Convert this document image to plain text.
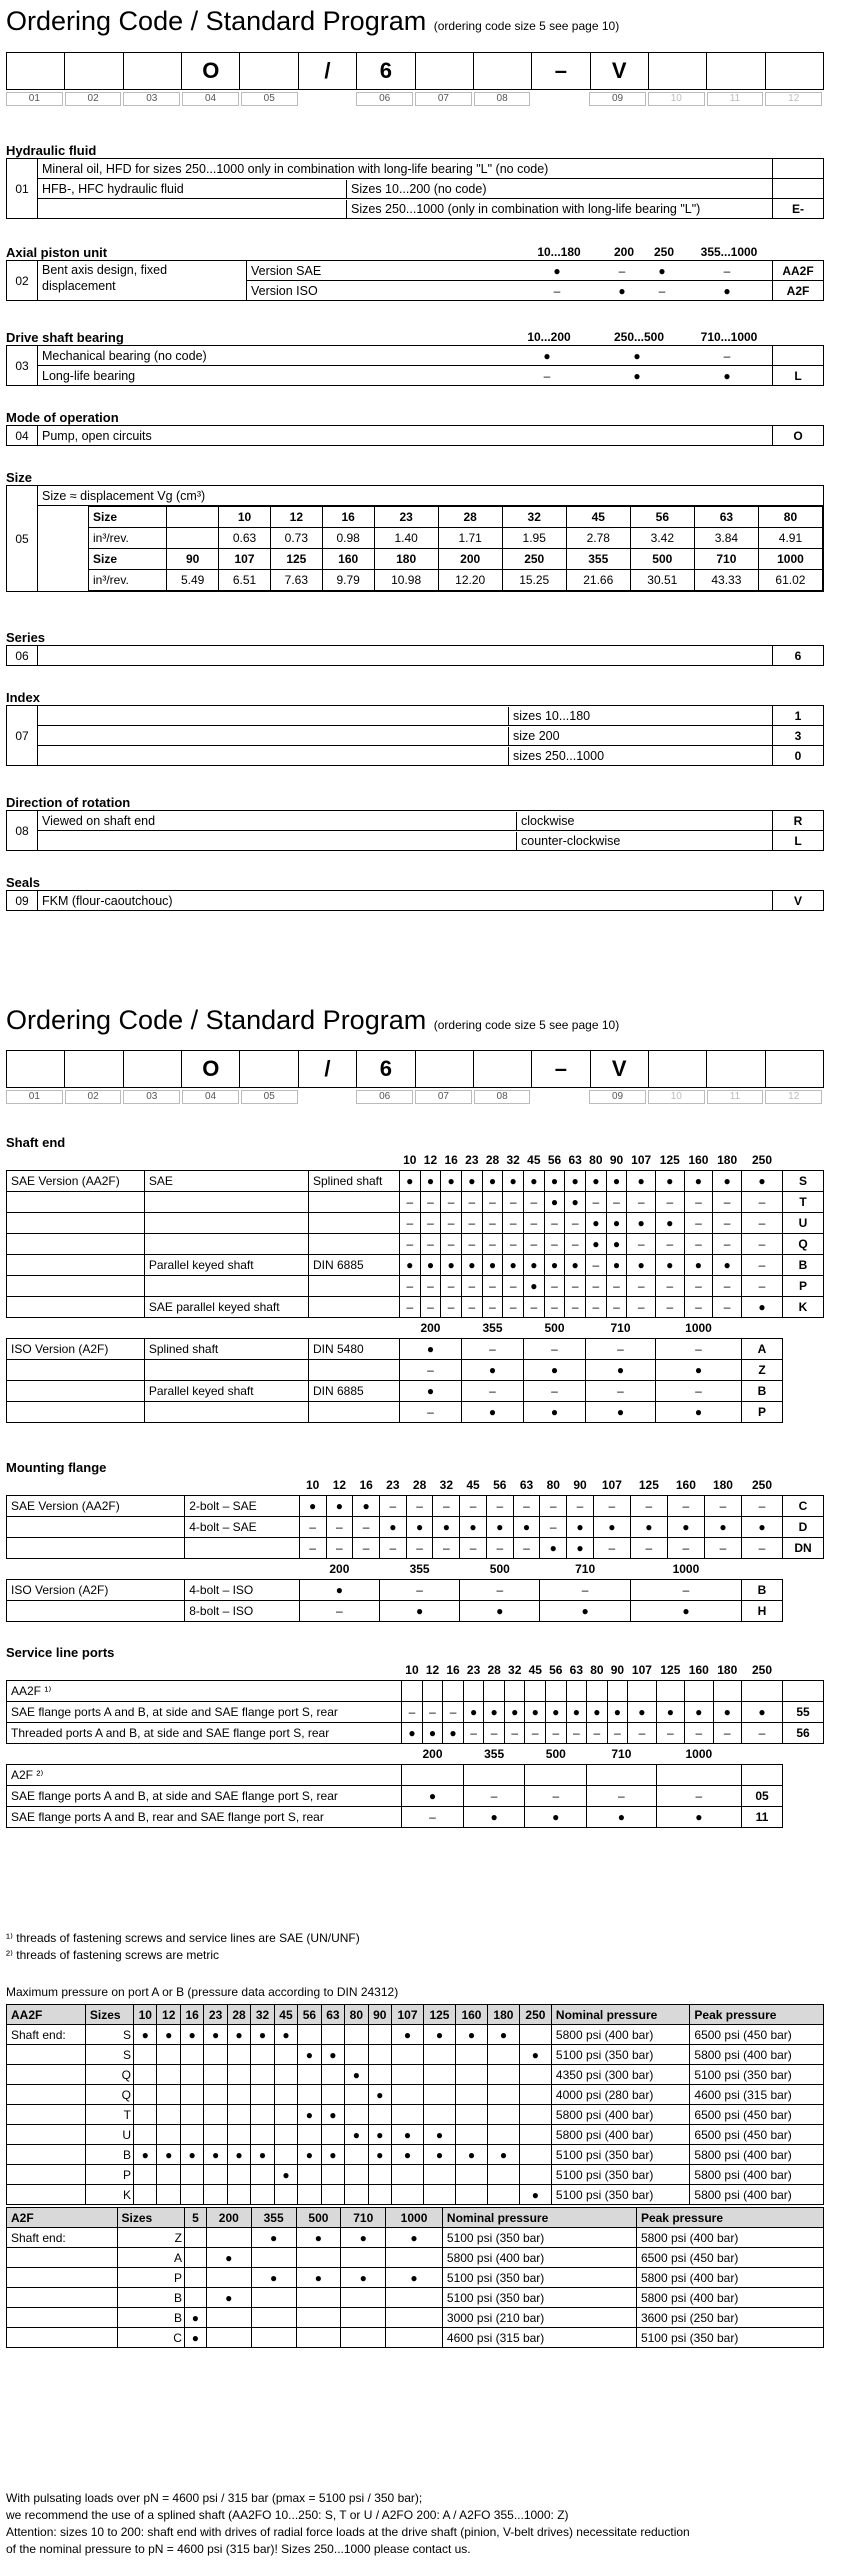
Ordering Code / Standard Program (ordering code size 5 see page 10)
O	/	6	–	V
01	02	03	04	05	06	07	08	09	10	11	12
Hydraulic fluid
01
Mineral oil, HFD for sizes 250...1000 only in combination with long-life bearing "L" (no code)
HFB-, HFC hydraulic fluid	Sizes 10...200 (no code)
Sizes 250...1000 (only in combination with long-life bearing "L")	E-
Axial piston unit	10...180	200	250	355...1000
02
Bent axis design, fixed displacement
Version SAE	●	–	●	–	AA2F
Version ISO	–	●	–	●	A2F
Drive shaft bearing	10...200	250...500	710...1000
03
Mechanical bearing (no code)	●	●	–
Long-life bearing	–	●	●	L
Mode of operation
04	Pump, open circuits	O
Size
05
Size ≈ displacement Vg (cm³)
Size		10	12	16	23	28	32	45	56	63	80
in³/rev.		0.63	0.73	0.98	1.40	1.71	1.95	2.78	3.42	3.84	4.91
Size	90	107	125	160	180	200	250	355	500	710	1000
in³/rev.	5.49	6.51	7.63	9.79	10.98	12.20	15.25	21.66	30.51	43.33	61.02
Series
06	6
Index
07
sizes 10...180	1
size 200	3
sizes 250...1000	0
Direction of rotation
08
Viewed on shaft end	clockwise	R
counter-clockwise	L
Seals
09	FKM (flour-caoutchouc)	V
Ordering Code / Standard Program (ordering code size 5 see page 10)
O	/	6	–	V
01	02	03	04	05	06	07	08	09	10	11	12
Shaft end
			10	12	16	23	28	32	45	56	63	80	90	107	125	160	180	250	
SAE Version (AA2F)	SAE	Splined shaft	●	●	●	●	●	●	●	●	●	●	●	●	●	●	●	●	S
			–	–	–	–	–	–	–	●	●	–	–	–	–	–	–	–	T
			–	–	–	–	–	–	–	–	–	●	●	●	●	–	–	–	U
			–	–	–	–	–	–	–	–	–	●	●	–	–	–	–	–	Q
	Parallel keyed shaft	DIN 6885	●	●	●	●	●	●	●	●	●	–	●	●	●	●	●	–	B
			–	–	–	–	–	–	●	–	–	–	–	–	–	–	–	–	P
	SAE parallel keyed shaft		–	–	–	–	–	–	–	–	–	–	–	–	–	–	–	●	K
			200			355			500			710			1000				
ISO Version (A2F)	Splined shaft	DIN 5480	●			–			–			–			–			A	
			–			●			●			●			●			Z	
	Parallel keyed shaft	DIN 6885	●			–			–			–			–			B	
			–			●			●			●			●			P	
Mounting flange
		10	12	16	23	28	32	45	56	63	80	90	107	125	160	180	250	
SAE Version (AA2F)	2-bolt – SAE	●	●	●	–	–	–	–	–	–	–	–	–	–	–	–	–	C
	4-bolt – SAE	–	–	–	●	●	●	●	●	●	–	●	●	●	●	●	●	D
		–	–	–	–	–	–	–	–	–	●	●	–	–	–	–	–	DN
		200			355			500			710			1000				
ISO Version (A2F)	4-bolt – ISO	●			–			–			–			–			B	
	8-bolt – ISO	–			●			●			●			●			H	
Service line ports
	10	12	16	23	28	32	45	56	63	80	90	107	125	160	180	250	
AA2F ¹⁾																	
SAE flange ports A and B, at side and SAE flange port S, rear	–	–	–	●	●	●	●	●	●	●	●	●	●	●	●	●	55
Threaded ports A and B, at side and SAE flange port S, rear	●	●	●	–	–	–	–	–	–	–	–	–	–	–	–	–	56
	200			355			500			710			1000				
A2F ²⁾																	
SAE flange ports A and B, at side and SAE flange port S, rear	●			–			–			–			–			05	
SAE flange ports A and B, rear and SAE flange port S, rear	–			●			●			●			●			11	
¹⁾ threads of fastening screws and service lines are SAE (UN/UNF)
²⁾ threads of fastening screws are metric
Maximum pressure on port A or B (pressure data according to DIN 24312)
AA2F	Sizes	10	12	16	23	28	32	45	56	63	80	90	107	125	160	180	250	Nominal pressure	Peak pressure
Shaft end:	S	●	●	●	●	●	●	●					●	●	●	●		5800 psi (400 bar)	6500 psi (450 bar)
	S								●	●							●	5100 psi (350 bar)	5800 psi (400 bar)
	Q										●							4350 psi (300 bar)	5100 psi (350 bar)
	Q											●						4000 psi (280 bar)	4600 psi (315 bar)
	T								●	●								5800 psi (400 bar)	6500 psi (450 bar)
	U										●	●	●	●				5800 psi (400 bar)	6500 psi (450 bar)
	B	●	●	●	●	●	●		●	●		●	●	●	●	●		5100 psi (350 bar)	5800 psi (400 bar)
	P							●										5100 psi (350 bar)	5800 psi (400 bar)
	K																●	5100 psi (350 bar)	5800 psi (400 bar)
A2F	Sizes	5	200	355	500	710	1000	Nominal pressure	Peak pressure
Shaft end:	Z			●	●	●	●	5100 psi (350 bar)	5800 psi (400 bar)
	A		●					5800 psi (400 bar)	6500 psi (450 bar)
	P			●	●	●	●	5100 psi (350 bar)	5800 psi (400 bar)
	B		●					5100 psi (350 bar)	5800 psi (400 bar)
	B	●						3000 psi (210 bar)	3600 psi (250 bar)
	C	●						4600 psi (315 bar)	5100 psi (350 bar)
With pulsating loads over pN = 4600 psi / 315 bar (pmax = 5100 psi / 350 bar);
we recommend the use of a splined shaft (AA2FO 10...250: S, T or U / A2FO 200: A / A2FO 355...1000: Z)
Attention: sizes 10 to 200: shaft end with drives of radial force loads at the drive shaft (pinion, V-belt drives) necessitate reduction
of the nominal pressure to pN = 4600 psi (315 bar)! Sizes 250...1000 please contact us.
